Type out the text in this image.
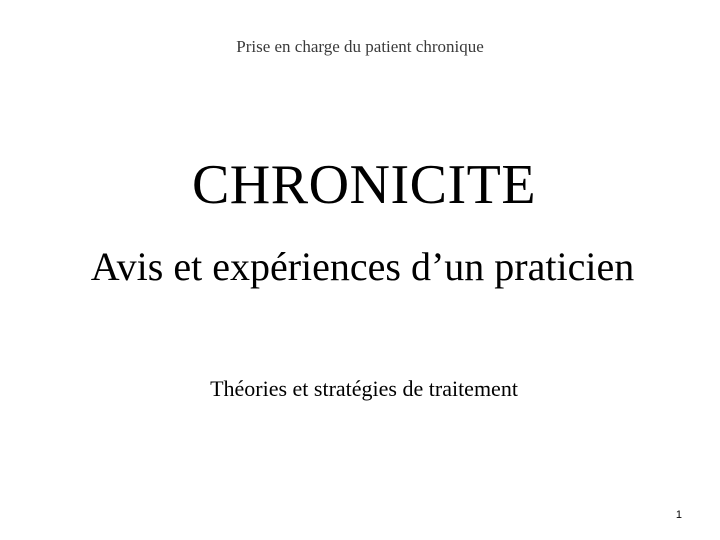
Prise en charge du patient chronique
CHRONICITE
Avis et expériences d’un praticien
Théories et stratégies de traitement
1
